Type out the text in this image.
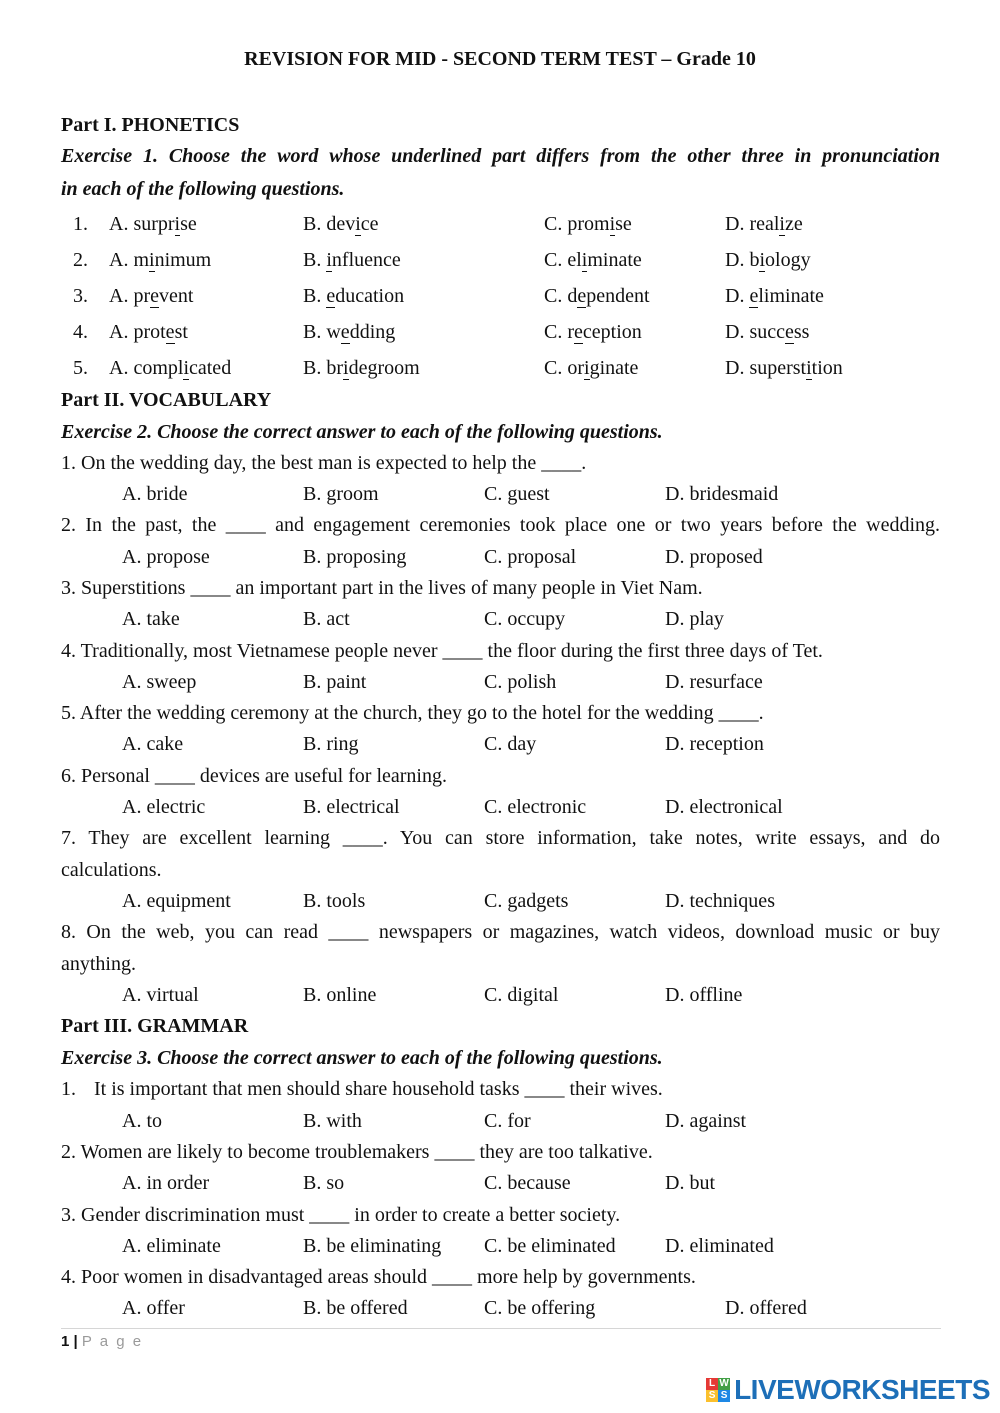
REVISION FOR MID - SECOND TERM TEST – Grade 10
Part I. PHONETICS
Exercise 1. Choose the word whose underlined part differs from the other three in pronunciation
in each of the following questions.
1. A. surprise	B. device	C. promise	D. realize
2. A. minimum	B. influence	C. eliminate	D. biology
3. A. prevent	B. education	C. dependent	D. eliminate
4. A. protest	B. wedding	C. reception	D. success
5. A. complicated	B. bridegroom	C. originate	D. superstition
Part II. VOCABULARY
Exercise 2. Choose the correct answer to each of the following questions.
1. On the wedding day, the best man is expected to help the ____.
A. bride	B. groom	C. guest	D. bridesmaid
2. In the past, the ____ and engagement ceremonies took place one or two years before the wedding.
A. propose	B. proposing	C. proposal	D. proposed
3. Superstitions ____ an important part in the lives of many people in Viet Nam.
A. take	B. act	C. occupy	D. play
4. Traditionally, most Vietnamese people never ____ the floor during the first three days of Tet.
A. sweep	B. paint	C. polish	D. resurface
5. After the wedding ceremony at the church, they go to the hotel for the wedding ____.
A. cake	B. ring	C. day	D. reception
6. Personal ____ devices are useful for learning.
A. electric	B. electrical	C. electronic	D. electronical
7. They are excellent learning ____. You can store information, take notes, write essays, and do
calculations.
A. equipment	B. tools	C. gadgets	D. techniques
8. On the web, you can read ____ newspapers or magazines, watch videos, download music or buy
anything.
A. virtual	B. online	C. digital	D. offline
Part III. GRAMMAR
Exercise 3. Choose the correct answer to each of the following questions.
1. It is important that men should share household tasks ____ their wives.
A. to	B. with	C. for	D. against
2. Women are likely to become troublemakers ____ they are too talkative.
A. in order	B. so	C. because	D. but
3. Gender discrimination must ____ in order to create a better society.
A. eliminate	B. be eliminating C. be eliminated D. eliminated
4. Poor women in disadvantaged areas should ____ more help by governments.
A. offer	B. be offered	C. be offering	D. offered
1 | P a g e
L W
S S LIVEWORKSHEETS
